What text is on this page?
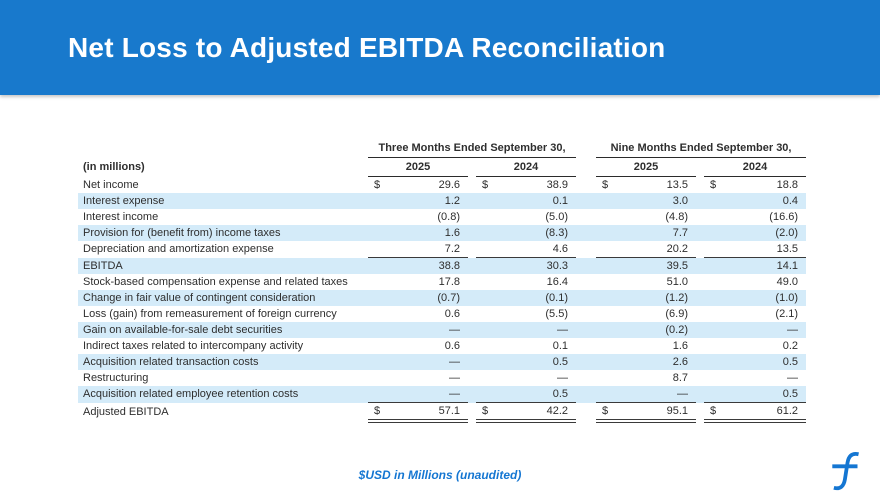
Net Loss to Adjusted EBITDA Reconciliation
	Three Months Ended September 30,				Nine Months Ended September 30,		
(in millions)	2025		2024		2025		2024
Net income	$ 29.6		$ 38.9		$ 13.5		$ 18.8

Interest expense	1.2		0.1		3.0		0.4

Interest income	(0.8)		(5.0)		(4.8)		(16.6)

Provision for (benefit from) income taxes	1.6		(8.3)		7.7		(2.0)

Depreciation and amortization expense	7.2		4.6		20.2		13.5

EBITDA	38.8		30.3		39.5		14.1

Stock-based compensation expense and related taxes	17.8		16.4		51.0		49.0

Change in fair value of contingent consideration	(0.7)		(0.1)		(1.2)		(1.0)

Loss (gain) from remeasurement of foreign currency	0.6		(5.5)		(6.9)		(2.1)

Gain on available-for-sale debt securities	—		—		(0.2)		—

Indirect taxes related to intercompany activity	0.6		0.1		1.6		0.2

Acquisition related transaction costs	—		0.5		2.6		0.5

Restructuring	—		—		8.7		—

Acquisition related employee retention costs	—		0.5		—		0.5

Adjusted EBITDA	$ 57.1		$ 42.2		$ 95.1		$ 61.2
$USD in Millions (unaudited)
